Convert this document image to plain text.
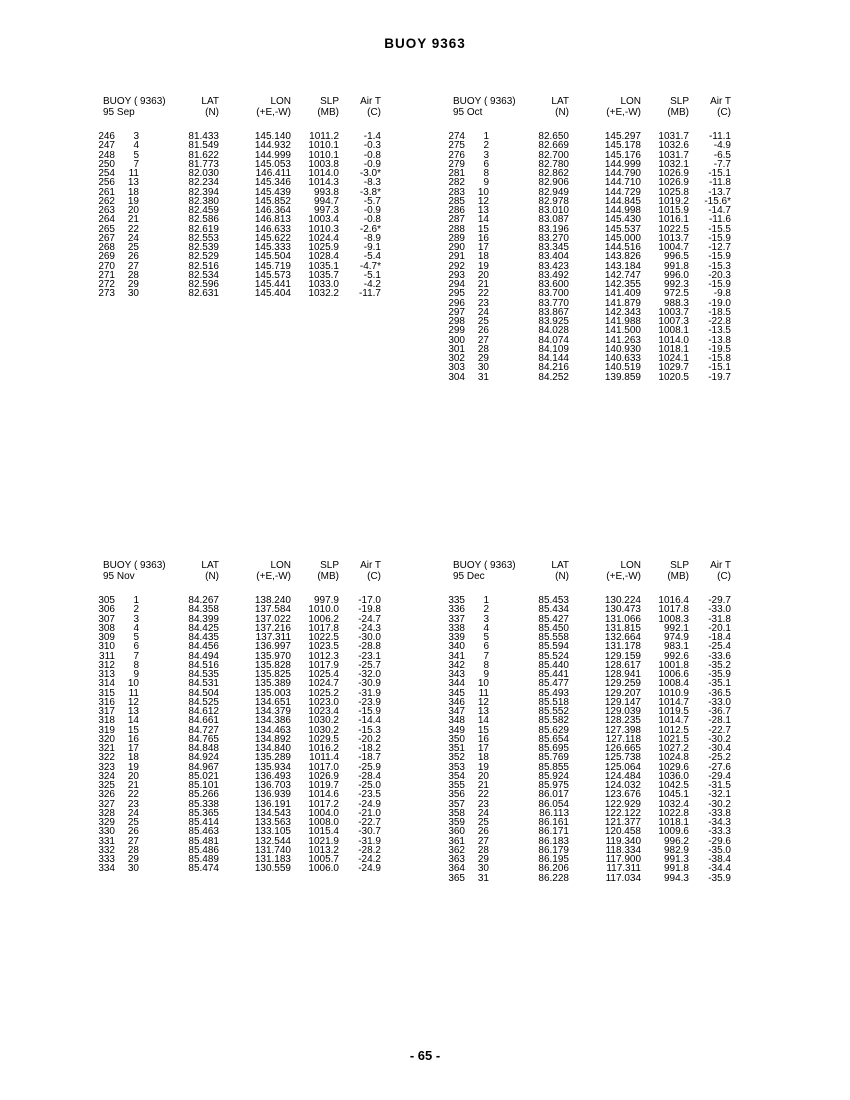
BUOY 9363
BUOY ( 9363)	LAT	LON	SLP	Air T
95 Sep	(N)	(+E,-W)	(MB)	(C)
246	3	81.433	145.140	1011.2	-1.4
247	4	81.549	144.932	1010.1	-0.3
248	5	81.622	144.999	1010.1	-0.8
250	7	81.773	145.053	1003.8	-0.9
254	11	82.030	146.411	1014.0	-3.0*
256	13	82.234	145.346	1014.3	-8.3
261	18	82.394	145.439	993.8	-3.8*
262	19	82.380	145.852	994.7	-5.7
263	20	82.459	146.364	997.3	-0.9
264	21	82.586	146.813	1003.4	-0.8
265	22	82.619	146.633	1010.3	-2.6*
267	24	82.553	145.622	1024.4	-8.9
268	25	82.539	145.333	1025.9	-9.1
269	26	82.529	145.504	1028.4	-5.4
270	27	82.516	145.719	1035.1	-4.7*
271	28	82.534	145.573	1035.7	-5.1
272	29	82.596	145.441	1033.0	-4.2
273	30	82.631	145.404	1032.2	-11.7
BUOY ( 9363)	LAT	LON	SLP	Air T
95 Oct	(N)	(+E,-W)	(MB)	(C)
274	1	82.650	145.297	1031.7	-11.1
275	2	82.669	145.178	1032.6	-4.9
276	3	82.700	145.176	1031.7	-6.5
279	6	82.780	144.999	1032.1	-7.7
281	8	82.862	144.790	1026.9	-15.1
282	9	82.906	144.710	1026.9	-11.8
283	10	82.949	144.729	1025.8	-13.7
285	12	82.978	144.845	1019.2	-15.6*
286	13	83.010	144.998	1015.9	-14.7
287	14	83.087	145.430	1016.1	-11.6
288	15	83.196	145.537	1022.5	-15.5
289	16	83.270	145.000	1013.7	-15.9
290	17	83.345	144.516	1004.7	-12.7
291	18	83.404	143.826	996.5	-15.9
292	19	83.423	143.184	991.8	-15.3
293	20	83.492	142.747	996.0	-20.3
294	21	83.600	142.355	992.3	-15.9
295	22	83.700	141.409	972.5	-9.8
296	23	83.770	141.879	988.3	-19.0
297	24	83.867	142.343	1003.7	-18.5
298	25	83.925	141.988	1007.3	-22.8
299	26	84.028	141.500	1008.1	-13.5
300	27	84.074	141.263	1014.0	-13.8
301	28	84.109	140.930	1018.1	-19.5
302	29	84.144	140.633	1024.1	-15.8
303	30	84.216	140.519	1029.7	-15.1
304	31	84.252	139.859	1020.5	-19.7
BUOY ( 9363)	LAT	LON	SLP	Air T
95 Nov	(N)	(+E,-W)	(MB)	(C)
305	1	84.267	138.240	997.9	-17.0
306	2	84.358	137.584	1010.0	-19.8
307	3	84.399	137.022	1006.2	-24.7
308	4	84.425	137.216	1017.8	-24.3
309	5	84.435	137.311	1022.5	-30.0
310	6	84.456	136.997	1023.5	-28.8
311	7	84.494	135.970	1012.3	-23.1
312	8	84.516	135.828	1017.9	-25.7
313	9	84.535	135.825	1025.4	-32.0
314	10	84.531	135.389	1024.7	-30.9
315	11	84.504	135.003	1025.2	-31.9
316	12	84.525	134.651	1023.0	-23.9
317	13	84.612	134.379	1023.4	-15.9
318	14	84.661	134.386	1030.2	-14.4
319	15	84.727	134.463	1030.2	-15.3
320	16	84.765	134.892	1029.5	-20.2
321	17	84.848	134.840	1016.2	-18.2
322	18	84.924	135.289	1011.4	-18.7
323	19	84.967	135.934	1017.0	-25.9
324	20	85.021	136.493	1026.9	-28.4
325	21	85.101	136.703	1019.7	-25.0
326	22	85.266	136.939	1014.6	-23.5
327	23	85.338	136.191	1017.2	-24.9
328	24	85.365	134.543	1004.0	-21.0
329	25	85.414	133.563	1008.0	-22.7
330	26	85.463	133.105	1015.4	-30.7
331	27	85.481	132.544	1021.9	-31.9
332	28	85.486	131.740	1013.2	-28.2
333	29	85.489	131.183	1005.7	-24.2
334	30	85.474	130.559	1006.0	-24.9
BUOY ( 9363)	LAT	LON	SLP	Air T
95 Dec	(N)	(+E,-W)	(MB)	(C)
335	1	85.453	130.224	1016.4	-29.7
336	2	85.434	130.473	1017.8	-33.0
337	3	85.427	131.066	1008.3	-31.8
338	4	85.450	131.815	992.1	-20.1
339	5	85.558	132.664	974.9	-18.4
340	6	85.594	131.178	983.1	-25.4
341	7	85.524	129.159	992.6	-33.6
342	8	85.440	128.617	1001.8	-35.2
343	9	85.441	128.941	1006.6	-35.9
344	10	85.477	129.259	1008.4	-35.1
345	11	85.493	129.207	1010.9	-36.5
346	12	85.518	129.147	1014.7	-33.0
347	13	85.552	129.039	1019.5	-36.7
348	14	85.582	128.235	1014.7	-28.1
349	15	85.629	127.398	1012.5	-22.7
350	16	85.654	127.118	1021.5	-30.2
351	17	85.695	126.665	1027.2	-30.4
352	18	85.769	125.738	1024.8	-25.2
353	19	85.855	125.064	1029.6	-27.6
354	20	85.924	124.484	1036.0	-29.4
355	21	85.975	124.032	1042.5	-31.5
356	22	86.017	123.676	1045.1	-32.1
357	23	86.054	122.929	1032.4	-30.2
358	24	86.113	122.122	1022.8	-33.8
359	25	86.161	121.377	1018.1	-34.3
360	26	86.171	120.458	1009.6	-33.3
361	27	86.183	119.340	996.2	-29.6
362	28	86.179	118.334	982.9	-35.0
363	29	86.195	117.900	991.3	-38.4
364	30	86.206	117.311	991.8	-34.4
365	31	86.228	117.034	994.3	-35.9
- 65 -
